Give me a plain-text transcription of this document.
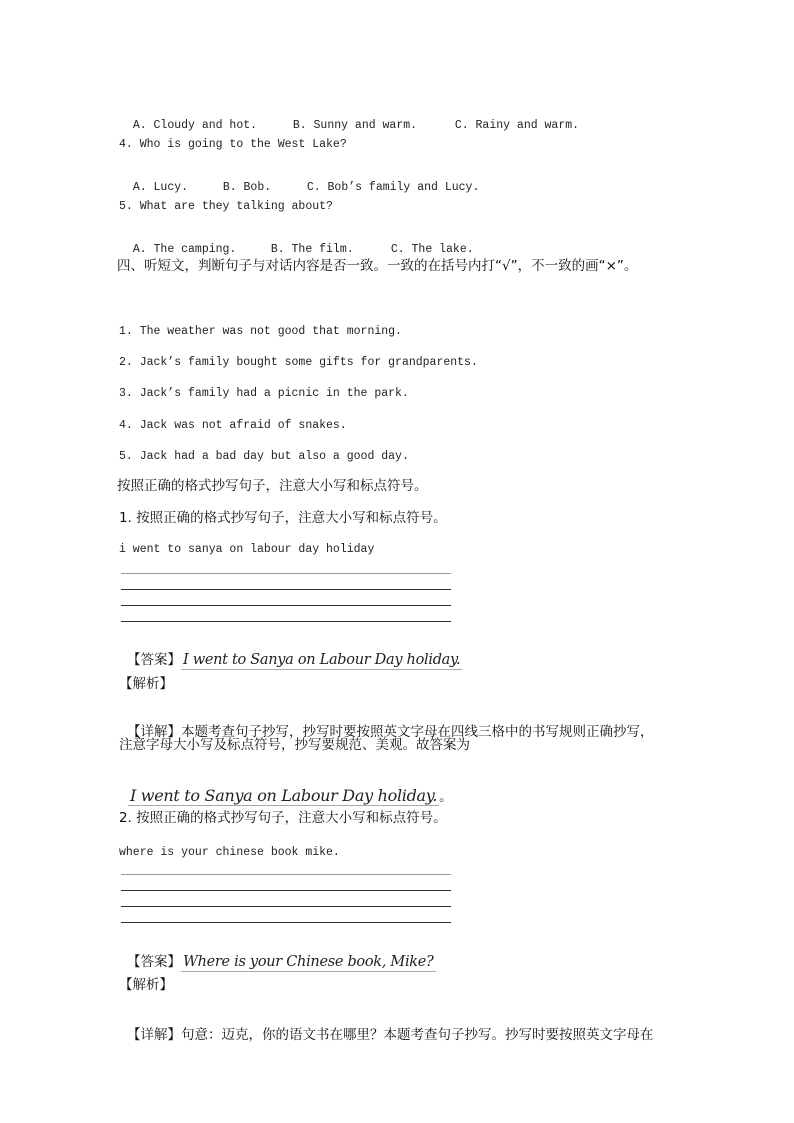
A. Cloudy and hot.	B. Sunny and warm.	C. Rainy and warm.

4. Who is going to the West Lake?

A. Lucy.	B. Bob.	C. Bob’s family and Lucy.

5. What are they talking about?

A. The camping.	B. The film.	C. The lake.

四、听短文，判断句子与对话内容是否一致。一致的在括号内打“√”，不一致的画“×”。
1. The weather was not good that morning.
2. Jack’s family bought some gifts for grandparents.
3. Jack’s family had a picnic in the park.
4. Jack was not afraid of snakes.
5. Jack had a bad day but also a good day.
按照正确的格式抄写句子，注意大小写和标点符号。
1. 按照正确的格式抄写句子，注意大小写和标点符号。
i went to sanya on labour day holiday

【答案】 I went to Sanya on Labour Day holiday.

【解析】

【详解】本题考查句子抄写，抄写时要按照英文字母在四线三格中的书写规则正确抄写，

注意字母大小写及标点符号，抄写要规范、美观。故答案为

I went to Sanya on Labour Day holiday. 。

2. 按照正确的格式抄写句子，注意大小写和标点符号。
where is your chinese book mike.

【答案】 Where is your Chinese book, Mike?

【解析】

【详解】句意：迈克，你的语文书在哪里？本题考查句子抄写。抄写时要按照英文字母在
